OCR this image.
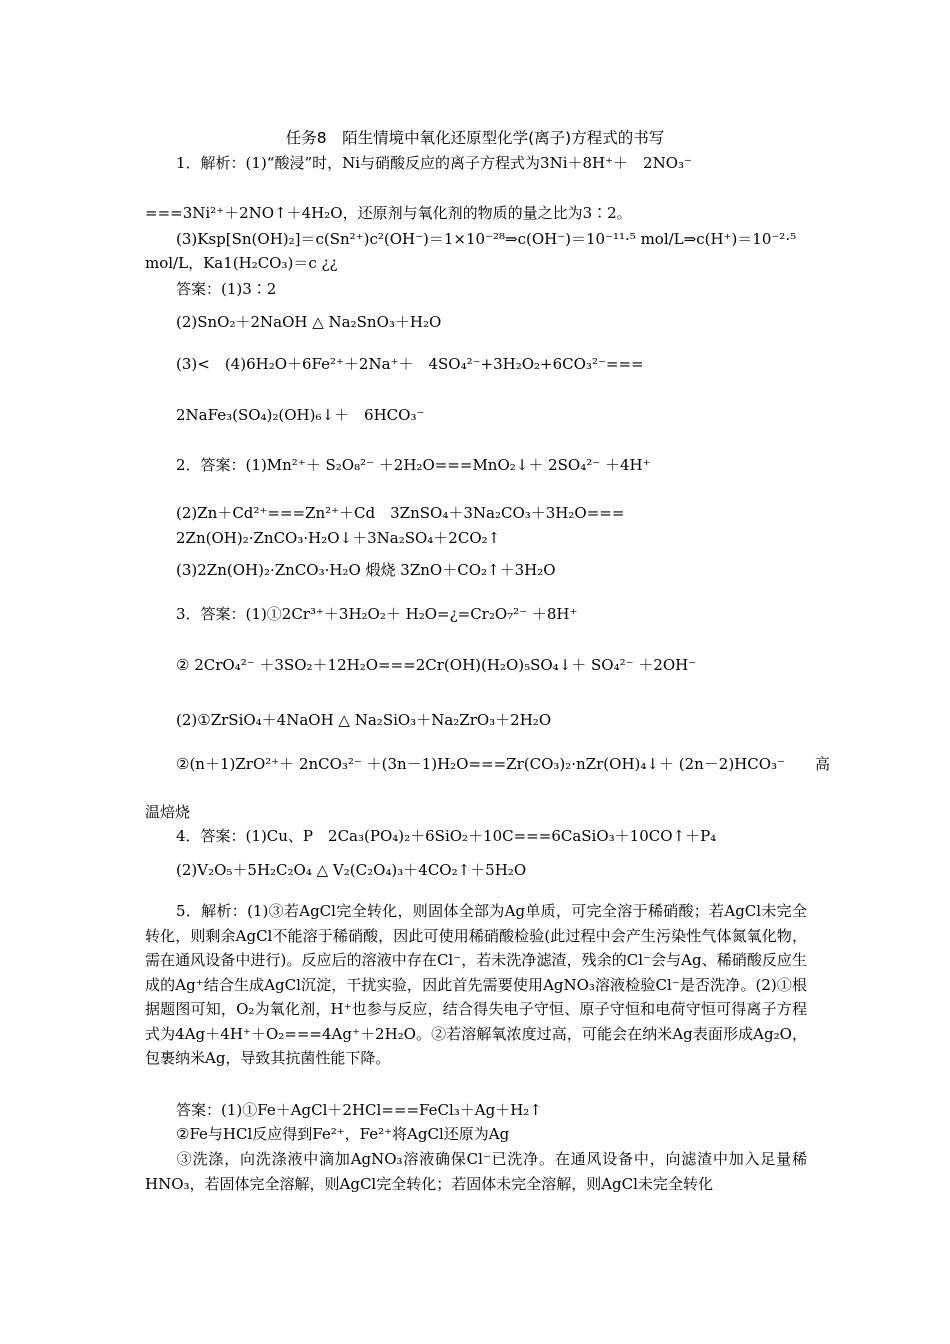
任务8　陌生情境中氧化还原型化学(离子)方程式的书写
1．解析：(1)“酸浸”时，Ni与硝酸反应的离子方程式为3Ni＋8H⁺＋　2NO₃⁻
===3Ni²⁺＋2NO↑＋4H₂O，还原剂与氧化剂的物质的量之比为3∶2。
(3)Ksp[Sn(OH)₂]＝c(Sn²⁺)c²(OH⁻)＝1×10⁻²⁸⇒c(OH⁻)＝10⁻¹¹·⁵ mol/L⇒c(H⁺)＝10⁻²·⁵
mol/L，Ka1(H₂CO₃)＝c ¿¿
答案：(1)3∶2
(2)SnO₂＋2NaOH △ Na₂SnO₃＋H₂O
(3)<　(4)6H₂O＋6Fe²⁺＋2Na⁺＋　4SO₄²⁻+3H₂O₂+6CO₃²⁻===　
2NaFe₃(SO₄)₂(OH)₆↓＋　6HCO₃⁻
2．答案：(1)Mn²⁺＋ S₂O₈²⁻ ＋2H₂O===MnO₂↓＋ 2SO₄²⁻ ＋4H⁺
(2)Zn＋Cd²⁺===Zn²⁺＋Cd　3ZnSO₄＋3Na₂CO₃＋3H₂O===
2Zn(OH)₂·ZnCO₃·H₂O↓＋3Na₂SO₄＋2CO₂↑
(3)2Zn(OH)₂·ZnCO₃·H₂O 煅烧 3ZnO＋CO₂↑＋3H₂O
3．答案：(1)①2Cr³⁺＋3H₂O₂＋ H₂O=¿=Cr₂O₇²⁻ ＋8H⁺
② 2CrO₄²⁻ ＋3SO₂＋12H₂O===2Cr(OH)(H₂O)₅SO₄↓＋ SO₄²⁻ ＋2OH⁻
(2)①ZrSiO₄＋4NaOH △ Na₂SiO₃＋Na₂ZrO₃＋2H₂O
②(n＋1)ZrO²⁺＋ 2nCO₃²⁻ ＋(3n－1)H₂O===Zr(CO₃)₂·nZr(OH)₄↓＋ (2n－2)HCO₃⁻　　高
温焙烧
4．答案：(1)Cu、P　2Ca₃(PO₄)₂＋6SiO₂＋10C===6CaSiO₃＋10CO↑＋P₄
(2)V₂O₅＋5H₂C₂O₄ △ V₂(C₂O₄)₃＋4CO₂↑＋5H₂O
5．解析：(1)③若AgCl完全转化，则固体全部为Ag单质，可完全溶于稀硝酸；若AgCl未完全转化，则剩余AgCl不能溶于稀硝酸，因此可使用稀硝酸检验(此过程中会产生污染性气体氮氧化物，需在通风设备中进行)。反应后的溶液中存在Cl⁻，若未洗净滤渣，残余的Cl⁻会与Ag、稀硝酸反应生成的Ag⁺结合生成AgCl沉淀，干扰实验，因此首先需要使用AgNO₃溶液检验Cl⁻是否洗净。(2)①根据题图可知，O₂为氧化剂，H⁺也参与反应，结合得失电子守恒、原子守恒和电荷守恒可得离子方程式为4Ag＋4H⁺＋O₂===4Ag⁺＋2H₂O。②若溶解氧浓度过高，可能会在纳米Ag表面形成Ag₂O，包裹纳米Ag，导致其抗菌性能下降。
答案：(1)①Fe＋AgCl＋2HCl===FeCl₃＋Ag＋H₂↑
②Fe与HCl反应得到Fe²⁺，Fe²⁺将AgCl还原为Ag
③洗涤，向洗涤液中滴加AgNO₃溶液确保Cl⁻已洗净。在通风设备中，向滤渣中加入足量稀HNO₃，若固体完全溶解，则AgCl完全转化；若固体未完全溶解，则AgCl未完全转化
